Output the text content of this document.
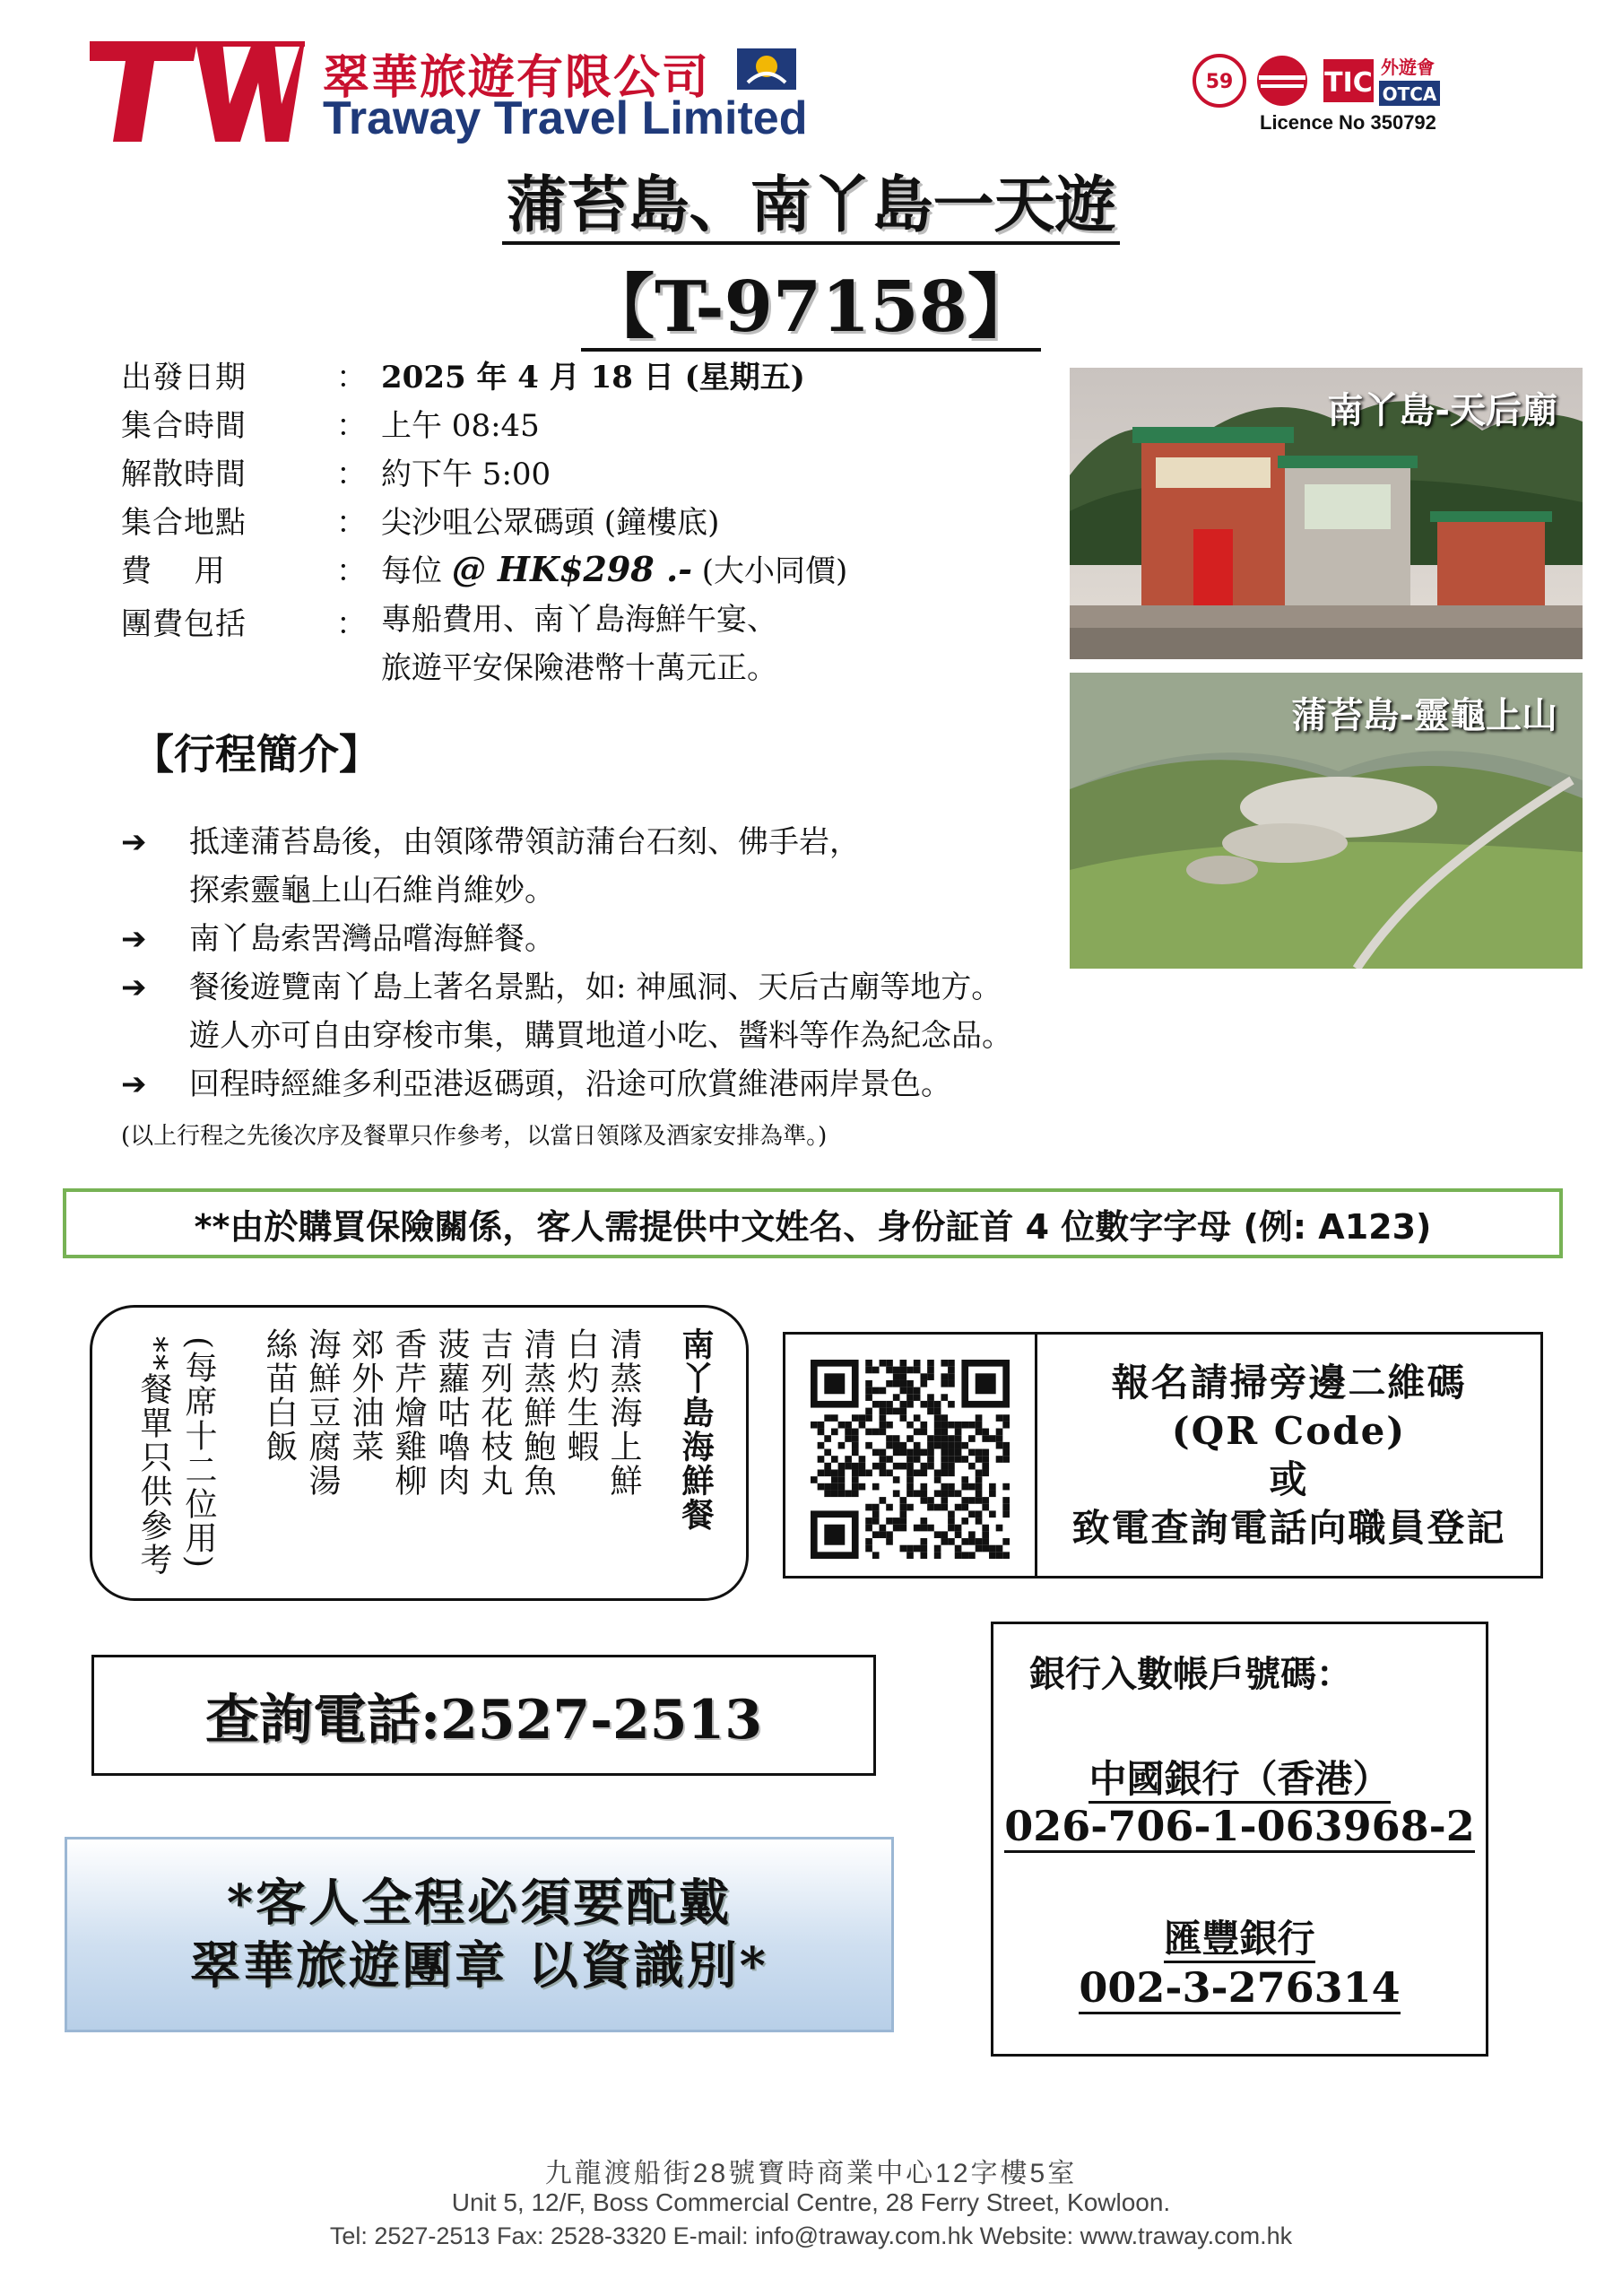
翠華旅遊有限公司
Traway Travel Limited
59	TIC 外遊會
OTCA
Licence No 350792
蒲苔島、南丫島一天遊
【T-97158】
出發日期	： 2025 年 4 月 18 日 (星期五)
集合時間	： 上午 08:45
解散時間	： 約下午 5:00
集合地點	： 尖沙咀公眾碼頭 (鐘樓底)
費　 用	： 每位 @ HK$298 .- (大小同價)
團費包括	： 專船費用、南丫島海鮮午宴、
旅遊平安保險港幣十萬元正。
南丫島-天后廟
蒲苔島-靈龜上山
【行程簡介】
➔	抵達蒲苔島後，由領隊帶領訪蒲台石刻、佛手岩，
探索靈龜上山石維肖維妙。
➔	南丫島索罟灣品嚐海鮮餐。
➔	餐後遊覽南丫島上著名景點，如: 神風洞、天后古廟等地方。
遊人亦可自由穿梭市集，購買地道小吃、醬料等作為紀念品。
➔	回程時經維多利亞港返碼頭，沿途可欣賞維港兩岸景色。
(以上行程之先後次序及餐單只作參考，以當日領隊及酒家安排為準。)
**由於購買保險關係，客人需提供中文姓名、身份証首 4 位數字字母 (例: A123)
南丫島海鮮餐
清蒸海上鮮
白灼生蝦
清蒸鮮鮑魚
吉列花枝丸
菠蘿咕嚕肉
香芹燴雞柳
郊外油菜
海鮮豆腐湯
絲苗白飯
(每席十二位用)
**餐單只供參考	報名請掃旁邊二維碼
(QR Code)
或
致電查詢電話向職員登記
查詢電話:2527-2513
銀行入數帳戶號碼：
中國銀行（香港）
026-706-1-063968-2
匯豐銀行
002-3-276314
*客人全程必須要配戴
翠華旅遊團章 以資識別*
九龍渡船街28號寶時商業中心12字樓5室
Unit 5, 12/F, Boss Commercial Centre, 28 Ferry Street, Kowloon.
Tel: 2527-2513 Fax: 2528-3320 E-mail: info@traway.com.hk Website: www.traway.com.hk
